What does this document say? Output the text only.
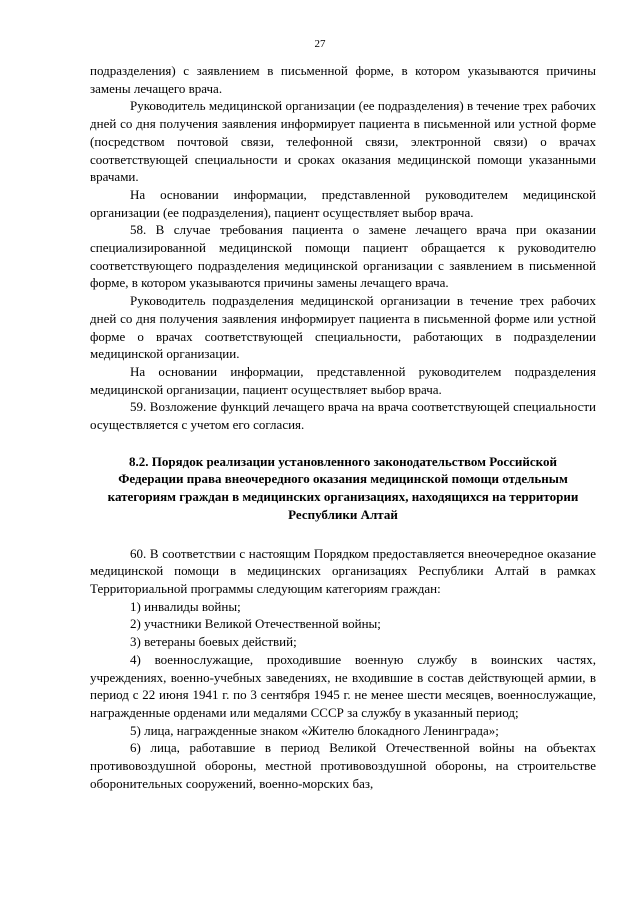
27

подразделения) с заявлением в письменной форме, в котором указываются причины замены лечащего врача.

Руководитель медицинской организации (ее подразделения) в течение трех рабочих дней со дня получения заявления информирует пациента в письменной или устной форме (посредством почтовой связи, телефонной связи, электронной связи) о врачах соответствующей специальности и сроках оказания медицинской помощи указанными врачами.

На основании информации, представленной руководителем медицинской организации (ее подразделения), пациент осуществляет выбор врача.

58. В случае требования пациента о замене лечащего врача при оказании специализированной медицинской помощи пациент обращается к руководителю соответствующего подразделения медицинской организации с заявлением в письменной форме, в котором указываются причины замены лечащего врача.

Руководитель подразделения медицинской организации в течение трех рабочих дней со дня получения заявления информирует пациента в письменной форме или устной форме о врачах соответствующей специальности, работающих в подразделении медицинской организации.

На основании информации, представленной руководителем подразделения медицинской организации, пациент осуществляет выбор врача.

59. Возложение функций лечащего врача на врача соответствующей специальности осуществляется с учетом его согласия.

8.2. Порядок реализации установленного законодательством Российской Федерации права внеочередного оказания медицинской помощи отдельным категориям граждан в медицинских организациях, находящихся на территории Республики Алтай

60. В соответствии с настоящим Порядком предоставляется внеочередное оказание медицинской помощи в медицинских организациях Республики Алтай в рамках Территориальной программы следующим категориям граждан:

1) инвалиды войны;

2) участники Великой Отечественной войны;

3) ветераны боевых действий;

4) военнослужащие, проходившие военную службу в воинских частях, учреждениях, военно-учебных заведениях, не входившие в состав действующей армии, в период с 22 июня 1941 г. по 3 сентября 1945 г. не менее шести месяцев, военнослужащие, награжденные орденами или медалями СССР за службу в указанный период;

5) лица, награжденные знаком «Жителю блокадного Ленинграда»;

6) лица, работавшие в период Великой Отечественной войны на объектах противовоздушной обороны, местной противовоздушной обороны, на строительстве оборонительных сооружений, военно-морских баз,
